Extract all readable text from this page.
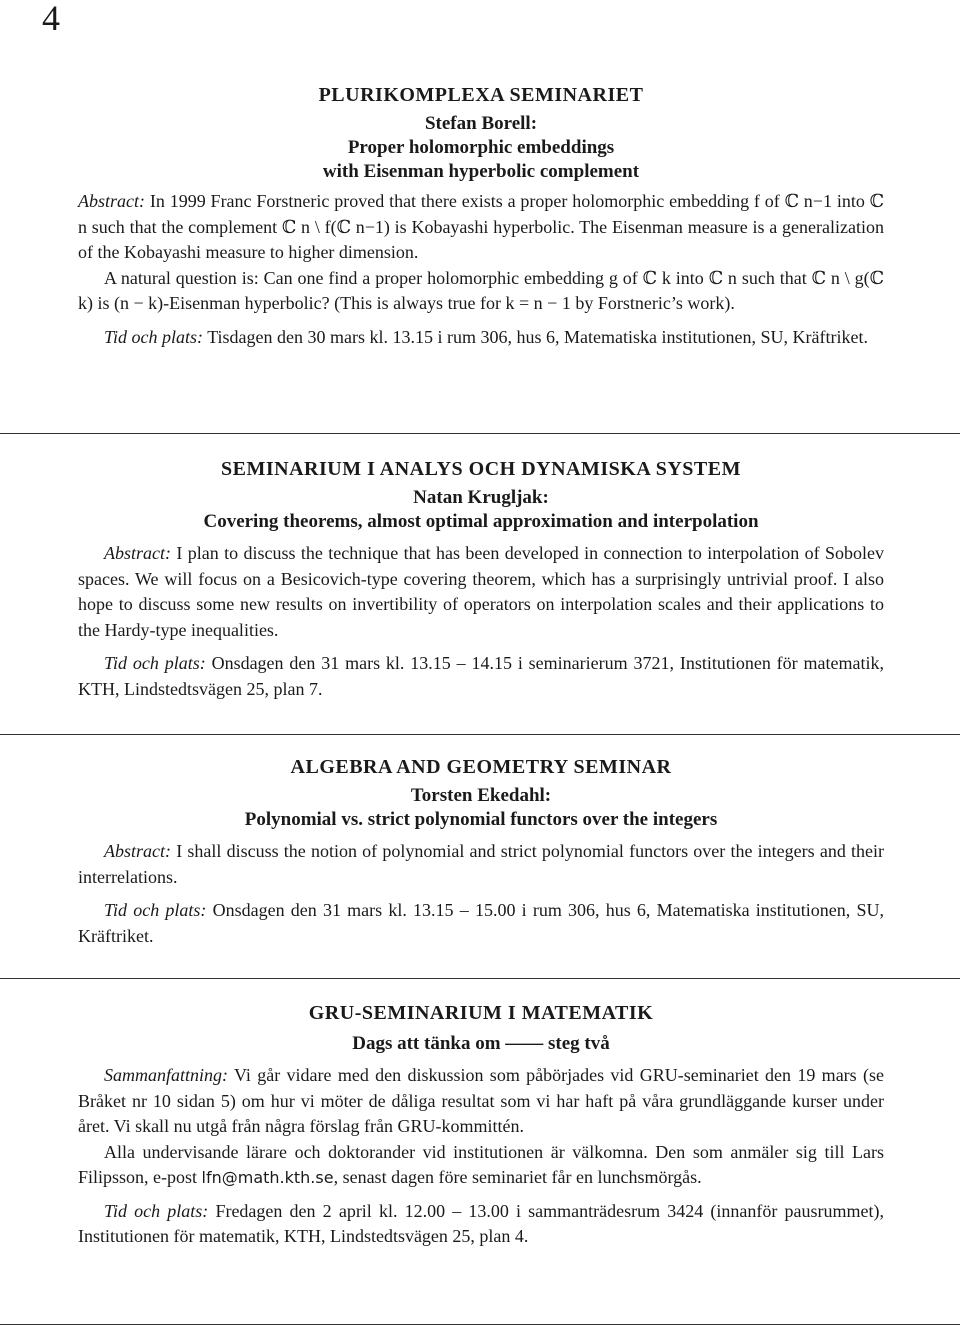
4
PLURIKOMPLEXA SEMINARIET
Stefan Borell:
Proper holomorphic embeddings
with Eisenman hyperbolic complement

Abstract: In 1999 Franc Forstneric proved that there exists a proper holomorphic embedding f of ℂ n−1 into ℂ n such that the complement ℂ n \ f(ℂ n−1) is Kobayashi hyperbolic. The Eisenman measure is a generalization of the Kobayashi measure to higher dimension.

A natural question is: Can one find a proper holomorphic embedding g of ℂ k into ℂ n such that ℂ n \ g(ℂ k) is (n − k)-Eisenman hyperbolic? (This is always true for k = n − 1 by Forstneric’s work).

Tid och plats: Tisdagen den 30 mars kl. 13.15 i rum 306, hus 6, Matematiska institutionen, SU, Kräftriket.

SEMINARIUM I ANALYS OCH DYNAMISKA SYSTEM
Natan Krugljak:
Covering theorems, almost optimal approximation and interpolation

Abstract: I plan to discuss the technique that has been developed in connection to interpolation of Sobolev spaces. We will focus on a Besicovich-type covering theorem, which has a surprisingly untrivial proof. I also hope to discuss some new results on invertibility of operators on interpolation scales and their applications to the Hardy-type inequalities.

Tid och plats: Onsdagen den 31 mars kl. 13.15 – 14.15 i seminarierum 3721, Institutionen för matematik, KTH, Lindstedtsvägen 25, plan 7.

ALGEBRA AND GEOMETRY SEMINAR
Torsten Ekedahl:
Polynomial vs. strict polynomial functors over the integers

Abstract: I shall discuss the notion of polynomial and strict polynomial functors over the integers and their interrelations.

Tid och plats: Onsdagen den 31 mars kl. 13.15 – 15.00 i rum 306, hus 6, Matematiska institutionen, SU, Kräftriket.

GRU-SEMINARIUM I MATEMATIK
Dags att tänka om —— steg två

Sammanfattning: Vi går vidare med den diskussion som påbörjades vid GRU-seminariet den 19 mars (se Bråket nr 10 sidan 5) om hur vi möter de dåliga resultat som vi har haft på våra grundläggande kurser under året. Vi skall nu utgå från några förslag från GRU-kommittén.

Alla undervisande lärare och doktorander vid institutionen är välkomna. Den som anmäler sig till Lars Filipsson, e-post lfn@math.kth.se, senast dagen före seminariet får en lunchsmörgås.

Tid och plats: Fredagen den 2 april kl. 12.00 – 13.00 i sammanträdesrum 3424 (innanför pausrummet), Institutionen för matematik, KTH, Lindstedtsvägen 25, plan 4.
